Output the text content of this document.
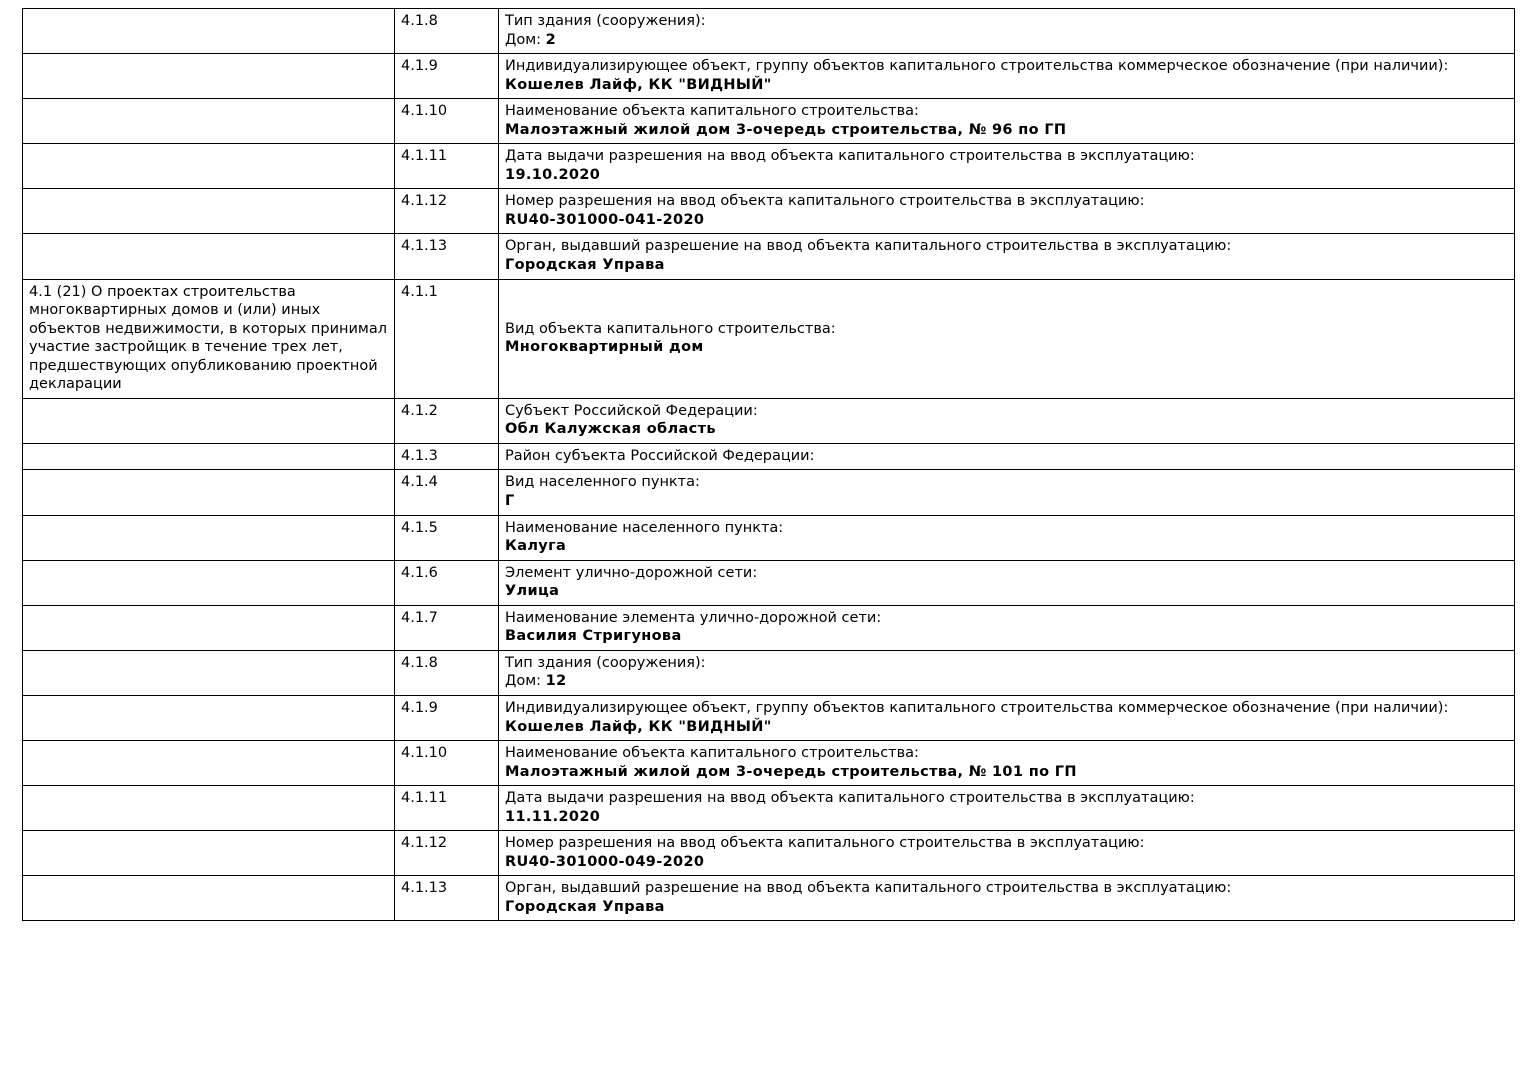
	4.1.8	Тип здания (сооружения):
Дом: 2

	4.1.9	Индивидуализирующее объект, группу объектов капитального строительства коммерческое обозначение (при наличии):
Кошелев Лайф, КК "ВИДНЫЙ"

	4.1.10	Наименование объекта капитального строительства:
Малоэтажный жилой дом 3-очередь строительства, № 96 по ГП

	4.1.11	Дата выдачи разрешения на ввод объекта капитального строительства в эксплуатацию:
19.10.2020

	4.1.12	Номер разрешения на ввод объекта капитального строительства в эксплуатацию:
RU40-301000-041-2020

	4.1.13	Орган, выдавший разрешение на ввод объекта капитального строительства в эксплуатацию:
Городская Управа

4.1 (21) О проектах строительства многоквартирных домов и (или) иных объектов недвижимости, в которых принимал участие застройщик в течение трех лет, предшествующих опубликованию проектной декларации	4.1.1	Вид объекта капитального строительства:
Многоквартирный дом

	4.1.2	Субъект Российской Федерации:
Обл Калужская область

	4.1.3	Район субъекта Российской Федерации:

	4.1.4	Вид населенного пункта:
Г

	4.1.5	Наименование населенного пункта:
Калуга

	4.1.6	Элемент улично-дорожной сети:
Улица

	4.1.7	Наименование элемента улично-дорожной сети:
Василия Стригунова

	4.1.8	Тип здания (сооружения):
Дом: 12

	4.1.9	Индивидуализирующее объект, группу объектов капитального строительства коммерческое обозначение (при наличии):
Кошелев Лайф, КК "ВИДНЫЙ"

	4.1.10	Наименование объекта капитального строительства:
Малоэтажный жилой дом 3-очередь строительства, № 101 по ГП

	4.1.11	Дата выдачи разрешения на ввод объекта капитального строительства в эксплуатацию:
11.11.2020

	4.1.12	Номер разрешения на ввод объекта капитального строительства в эксплуатацию:
RU40-301000-049-2020

	4.1.13	Орган, выдавший разрешение на ввод объекта капитального строительства в эксплуатацию:
Городская Управа
